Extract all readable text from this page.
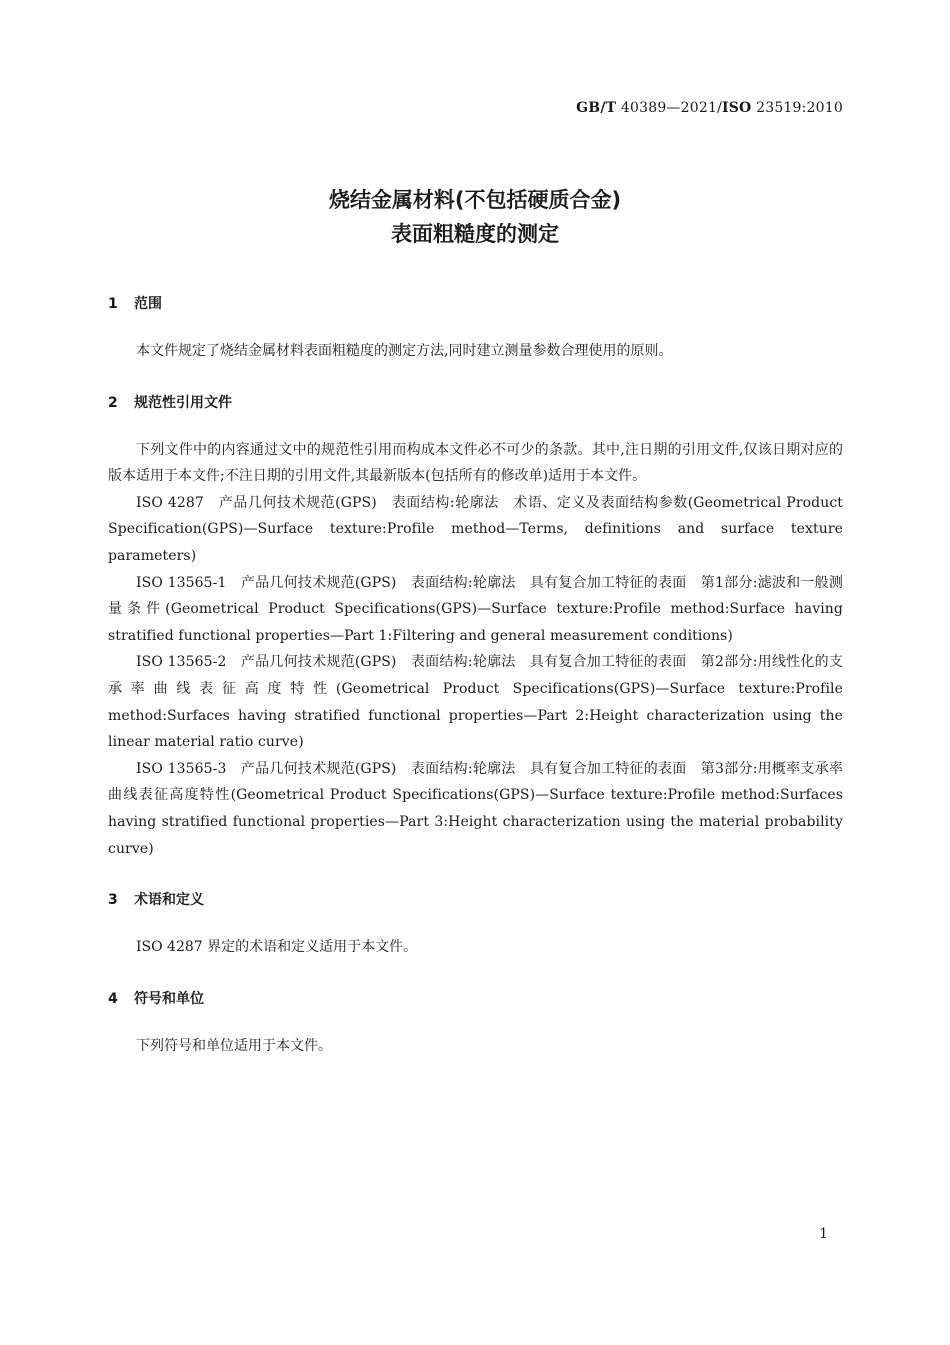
GB/T 40389—2021/ISO 23519:2010
烧结金属材料(不包括硬质合金)
表面粗糙度的测定
1 范围

本文件规定了烧结金属材料表面粗糙度的测定方法,同时建立测量参数合理使用的原则。

2 规范性引用文件

下列文件中的内容通过文中的规范性引用而构成本文件必不可少的条款。其中,注日期的引用文件,仅该日期对应的版本适用于本文件;不注日期的引用文件,其最新版本(包括所有的修改单)适用于本文件。

ISO 4287　产品几何技术规范(GPS)　表面结构:轮廓法　术语、定义及表面结构参数(Geometrical Product Specification(GPS)—Surface texture:Profile method—Terms, definitions and surface texture parameters)

ISO 13565-1　产品几何技术规范(GPS)　表面结构:轮廓法　具有复合加工特征的表面　第1部分:滤波和一般测量条件(Geometrical Product Specifications(GPS)—Surface texture:Profile method:Surface having stratified functional properties—Part 1:Filtering and general measurement conditions)

ISO 13565-2　产品几何技术规范(GPS)　表面结构:轮廓法　具有复合加工特征的表面　第2部分:用线性化的支承率曲线表征高度特性(Geometrical Product Specifications(GPS)—Surface texture:Profile method:Surfaces having stratified functional properties—Part 2:Height characterization using the linear material ratio curve)

ISO 13565-3　产品几何技术规范(GPS)　表面结构:轮廓法　具有复合加工特征的表面　第3部分:用概率支承率曲线表征高度特性(Geometrical Product Specifications(GPS)—Surface texture:Profile method:Surfaces having stratified functional properties—Part 3:Height characterization using the material probability curve)

3 术语和定义

ISO 4287 界定的术语和定义适用于本文件。

4 符号和单位

下列符号和单位适用于本文件。

1
